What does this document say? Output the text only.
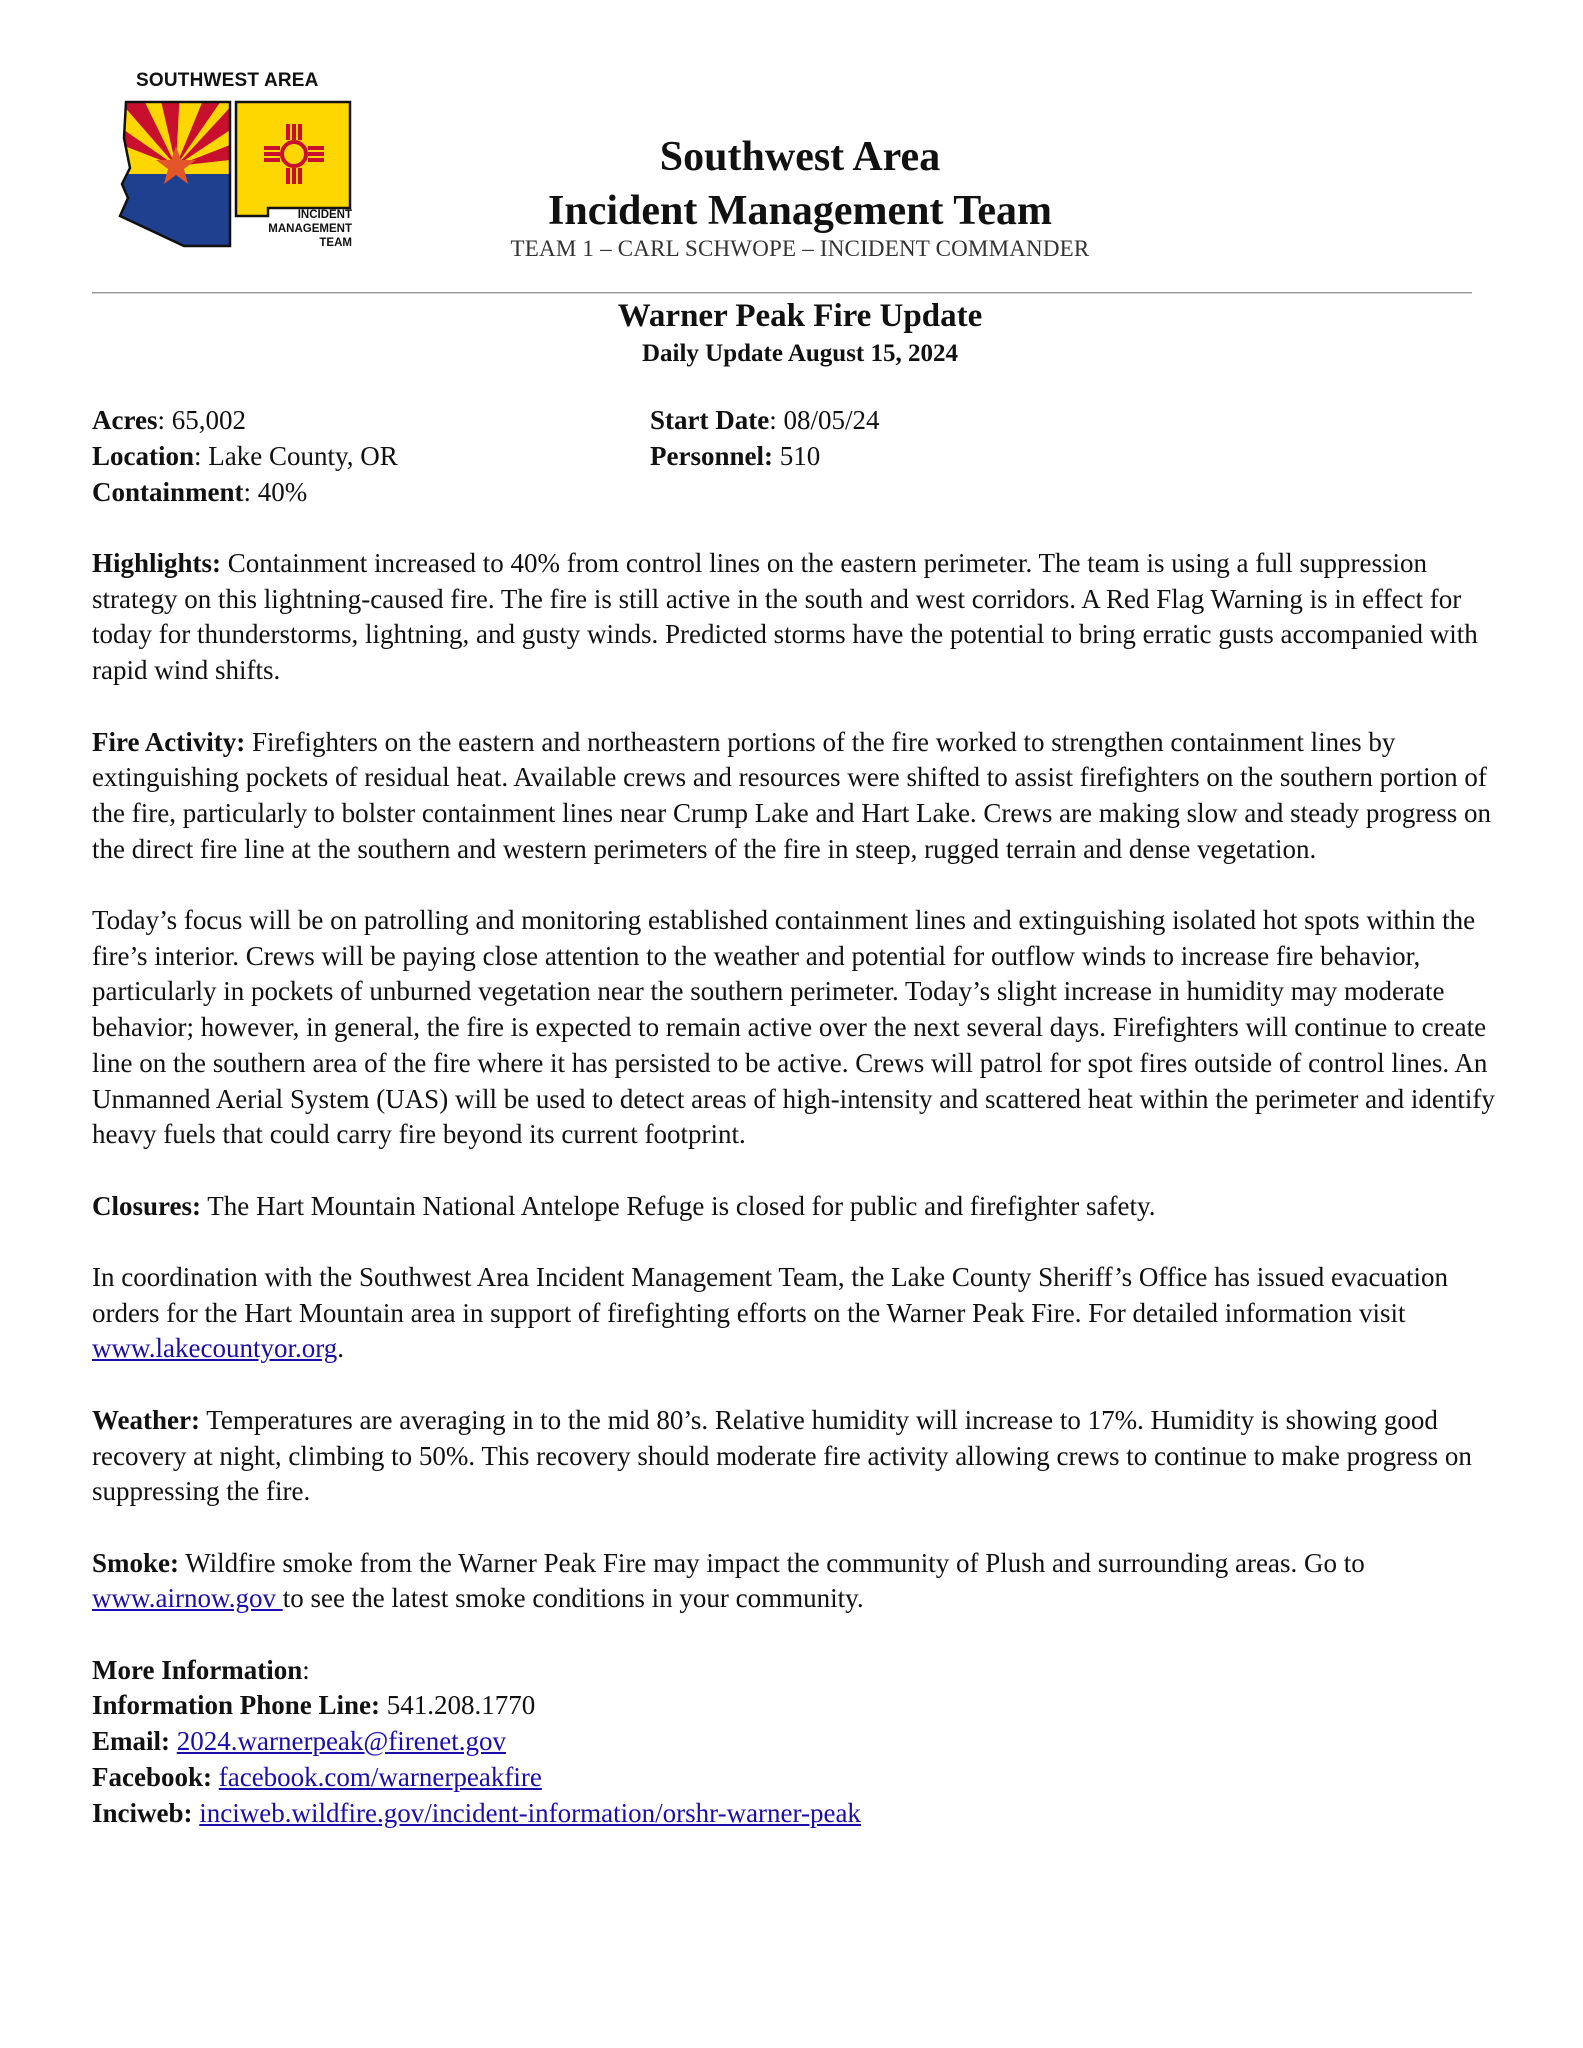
SOUTHWEST AREA
INCIDENT
MANAGEMENT
TEAM
Southwest Area
Incident Management Team
TEAM 1 – CARL SCHWOPE – INCIDENT COMMANDER
Warner Peak Fire Update
Daily Update August 15, 2024
Acres: 65,002
Location: Lake County, OR
Containment: 40%
Start Date: 08/05/24
Personnel: 510

Highlights: Containment increased to 40% from control lines on the eastern perimeter. The team is using a full suppression strategy on this lightning-caused fire. The fire is still active in the south and west corridors. A Red Flag Warning is in effect for today for thunderstorms, lightning, and gusty winds. Predicted storms have the potential to bring erratic gusts accompanied with rapid wind shifts.

Fire Activity: Firefighters on the eastern and northeastern portions of the fire worked to strengthen containment lines by extinguishing pockets of residual heat. Available crews and resources were shifted to assist firefighters on the southern portion of the fire, particularly to bolster containment lines near Crump Lake and Hart Lake. Crews are making slow and steady progress on the direct fire line at the southern and western perimeters of the fire in steep, rugged terrain and dense vegetation.

Today’s focus will be on patrolling and monitoring established containment lines and extinguishing isolated hot spots within the fire’s interior. Crews will be paying close attention to the weather and potential for outflow winds to increase fire behavior, particularly in pockets of unburned vegetation near the southern perimeter. Today’s slight increase in humidity may moderate behavior; however, in general, the fire is expected to remain active over the next several days. Firefighters will continue to create line on the southern area of the fire where it has persisted to be active. Crews will patrol for spot fires outside of control lines. An Unmanned Aerial System (UAS) will be used to detect areas of high-intensity and scattered heat within the perimeter and identify heavy fuels that could carry fire beyond its current footprint.

Closures: The Hart Mountain National Antelope Refuge is closed for public and firefighter safety.

In coordination with the Southwest Area Incident Management Team, the Lake County Sheriff’s Office has issued evacuation orders for the Hart Mountain area in support of firefighting efforts on the Warner Peak Fire. For detailed information visit www.lakecountyor.org.

Weather: Temperatures are averaging in to the mid 80’s. Relative humidity will increase to 17%. Humidity is showing good recovery at night, climbing to 50%. This recovery should moderate fire activity allowing crews to continue to make progress on suppressing the fire.

Smoke: Wildfire smoke from the Warner Peak Fire may impact the community of Plush and surrounding areas. Go to www.airnow.gov to see the latest smoke conditions in your community.

More Information:
Information Phone Line: 541.208.1770
Email: 2024.warnerpeak@firenet.gov
Facebook: facebook.com/warnerpeakfire
Inciweb: inciweb.wildfire.gov/incident-information/orshr-warner-peak
